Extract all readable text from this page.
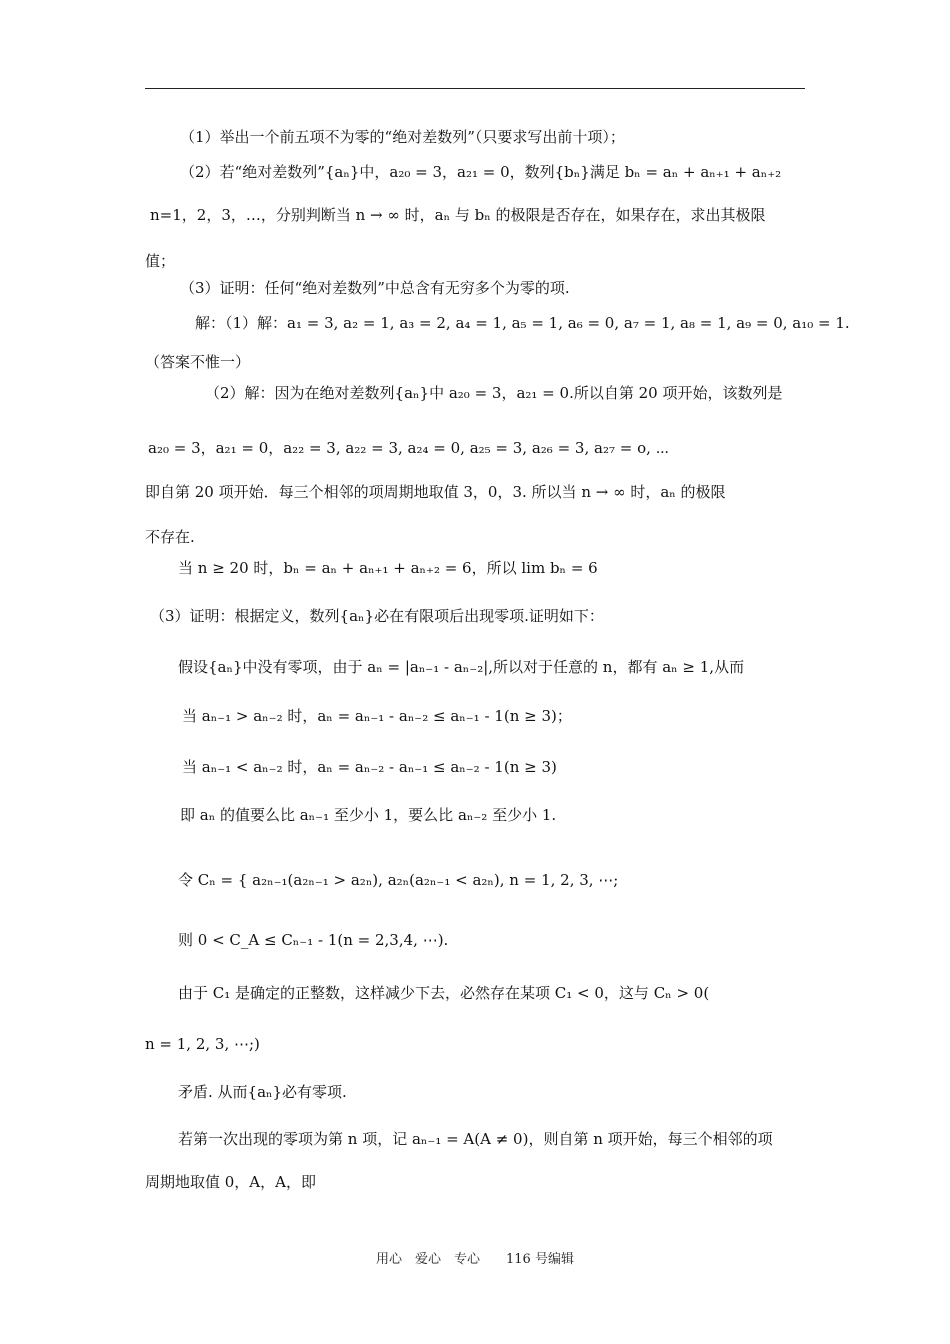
（1）举出一个前五项不为零的“绝对差数列”（只要求写出前十项）；
（2）若“绝对差数列”{aₙ}中，a₂₀ = 3，a₂₁ = 0，数列{bₙ}满足 bₙ = aₙ + aₙ₊₁ + aₙ₊₂
n=1，2，3，…，分别判断当 n → ∞ 时，aₙ 与 bₙ 的极限是否存在，如果存在，求出其极限
值；
（3）证明：任何“绝对差数列”中总含有无穷多个为零的项.
解：（1）解：a₁ = 3, a₂ = 1, a₃ = 2, a₄ = 1, a₅ = 1, a₆ = 0, a₇ = 1, a₈ = 1, a₉ = 0, a₁₀ = 1.
（答案不惟一）
（2）解：因为在绝对差数列{aₙ}中 a₂₀ = 3，a₂₁ = 0.所以自第 20 项开始，该数列是
a₂₀ = 3，a₂₁ = 0，a₂₂ = 3, a₂₂ = 3, a₂₄ = 0, a₂₅ = 3, a₂₆ = 3, a₂₇ = o, ⋯
即自第 20 项开始．每三个相邻的项周期地取值 3，0，3. 所以当 n → ∞ 时，aₙ 的极限
不存在.
当 n ≥ 20 时，bₙ = aₙ + aₙ₊₁ + aₙ₊₂ = 6，所以 lim bₙ = 6
（3）证明：根据定义，数列{aₙ}必在有限项后出现零项.证明如下：
假设{aₙ}中没有零项，由于 aₙ = |aₙ₋₁ - aₙ₋₂|,所以对于任意的 n，都有 aₙ ≥ 1,从而
当 aₙ₋₁ > aₙ₋₂ 时，aₙ = aₙ₋₁ - aₙ₋₂ ≤ aₙ₋₁ - 1(n ≥ 3)；
当 aₙ₋₁ < aₙ₋₂ 时，aₙ = aₙ₋₂ - aₙ₋₁ ≤ aₙ₋₂ - 1(n ≥ 3)
即 aₙ 的值要么比 aₙ₋₁ 至少小 1，要么比 aₙ₋₂ 至少小 1.
令 Cₙ = { a₂ₙ₋₁(a₂ₙ₋₁ > a₂ₙ), a₂ₙ(a₂ₙ₋₁ < a₂ₙ), n = 1, 2, 3, ⋯;
则 0 < C_A ≤ Cₙ₋₁ - 1(n = 2,3,4, ⋯).
由于 C₁ 是确定的正整数，这样减少下去，必然存在某项 C₁ < 0，这与 Cₙ > 0(
n = 1, 2, 3, ⋯;)
矛盾. 从而{aₙ}必有零项.
若第一次出现的零项为第 n 项，记 aₙ₋₁ = A(A ≠ 0)，则自第 n 项开始，每三个相邻的项
周期地取值 0，A，A，即
用心　爱心　专心　　116 号编辑
